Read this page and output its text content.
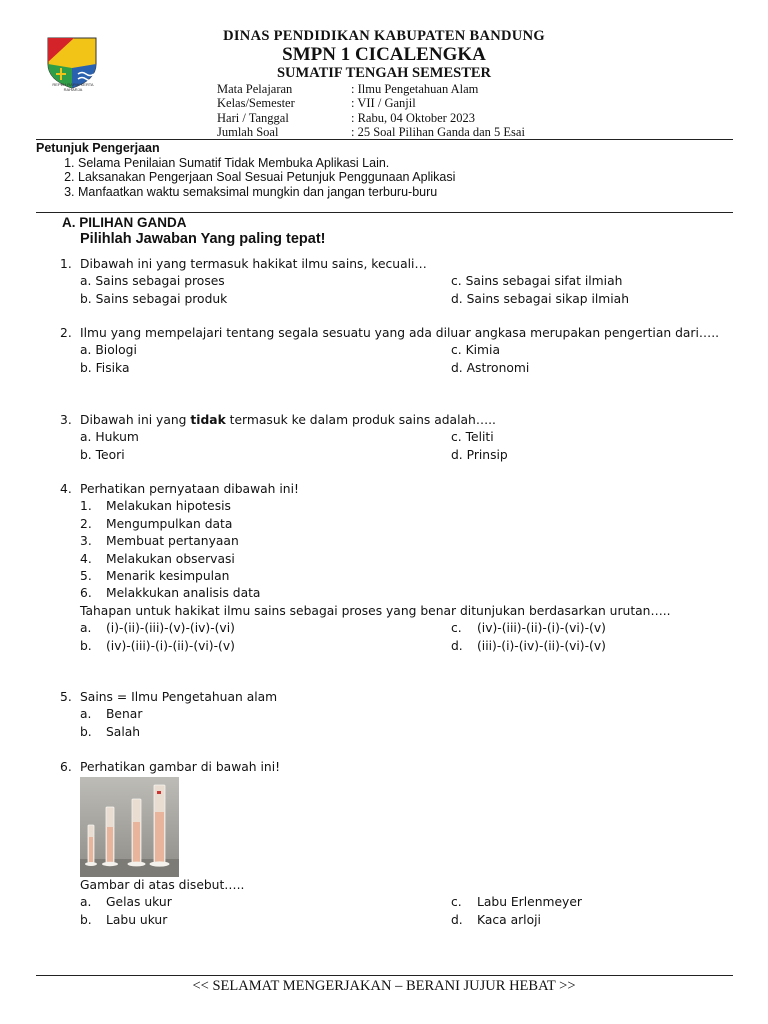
REPEH RAPIH KERTA RAHARJA
DINAS PENDIDIKAN KABUPATEN BANDUNG
SMPN 1 CICALENGKA
SUMATIF TENGAH SEMESTER
Mata Pelajaran	: Ilmu Pengetahuan Alam
Kelas/Semester	: VII / Ganjil
Hari / Tanggal	: Rabu, 04 Oktober 2023
Jumlah Soal	: 25 Soal Pilihan Ganda dan 5 Esai
Petunjuk Pengerjaan
1. Selama Penilaian Sumatif Tidak Membuka Aplikasi Lain.
2. Laksanakan Pengerjaan Soal Sesuai Petunjuk Penggunaan Aplikasi
3. Manfaatkan waktu semaksimal mungkin dan jangan terburu-buru
A. PILIHAN GANDA
Pilihlah Jawaban Yang paling tepat!
1. Dibawah ini yang termasuk hakikat ilmu sains, kecuali…
a. Sains sebagai proses	c. Sains sebagai sifat ilmiah
b. Sains sebagai produk	d. Sains sebagai sikap ilmiah
2. Ilmu yang mempelajari tentang segala sesuatu yang ada diluar angkasa merupakan pengertian dari…..
a. Biologi	c. Kimia
b. Fisika	d. Astronomi
3. Dibawah ini yang tidak termasuk ke dalam produk sains adalah…..
a. Hukum	c. Teliti
b. Teori	d. Prinsip
4. Perhatikan pernyataan dibawah ini!
1.	Melakukan hipotesis
2.	Mengumpulkan data
3.	Membuat pertanyaan
4.	Melakukan observasi
5.	Menarik kesimpulan
6.	Melakkukan analisis data
Tahapan untuk hakikat ilmu sains sebagai proses yang benar ditunjukan berdasarkan urutan…..
a. (i)-(ii)-(iii)-(v)-(iv)-(vi)	c. (iv)-(iii)-(ii)-(i)-(vi)-(v)
b. (iv)-(iii)-(i)-(ii)-(vi)-(v)	d. (iii)-(i)-(iv)-(ii)-(vi)-(v)
5. Sains = Ilmu Pengetahuan alam
a. Benar
b. Salah
6. Perhatikan gambar di bawah ini!
Gambar di atas disebut…..
a. Gelas ukur	c. Labu Erlenmeyer
b. Labu ukur	d. Kaca arloji
<< SELAMAT MENGERJAKAN – BERANI JUJUR HEBAT >>
